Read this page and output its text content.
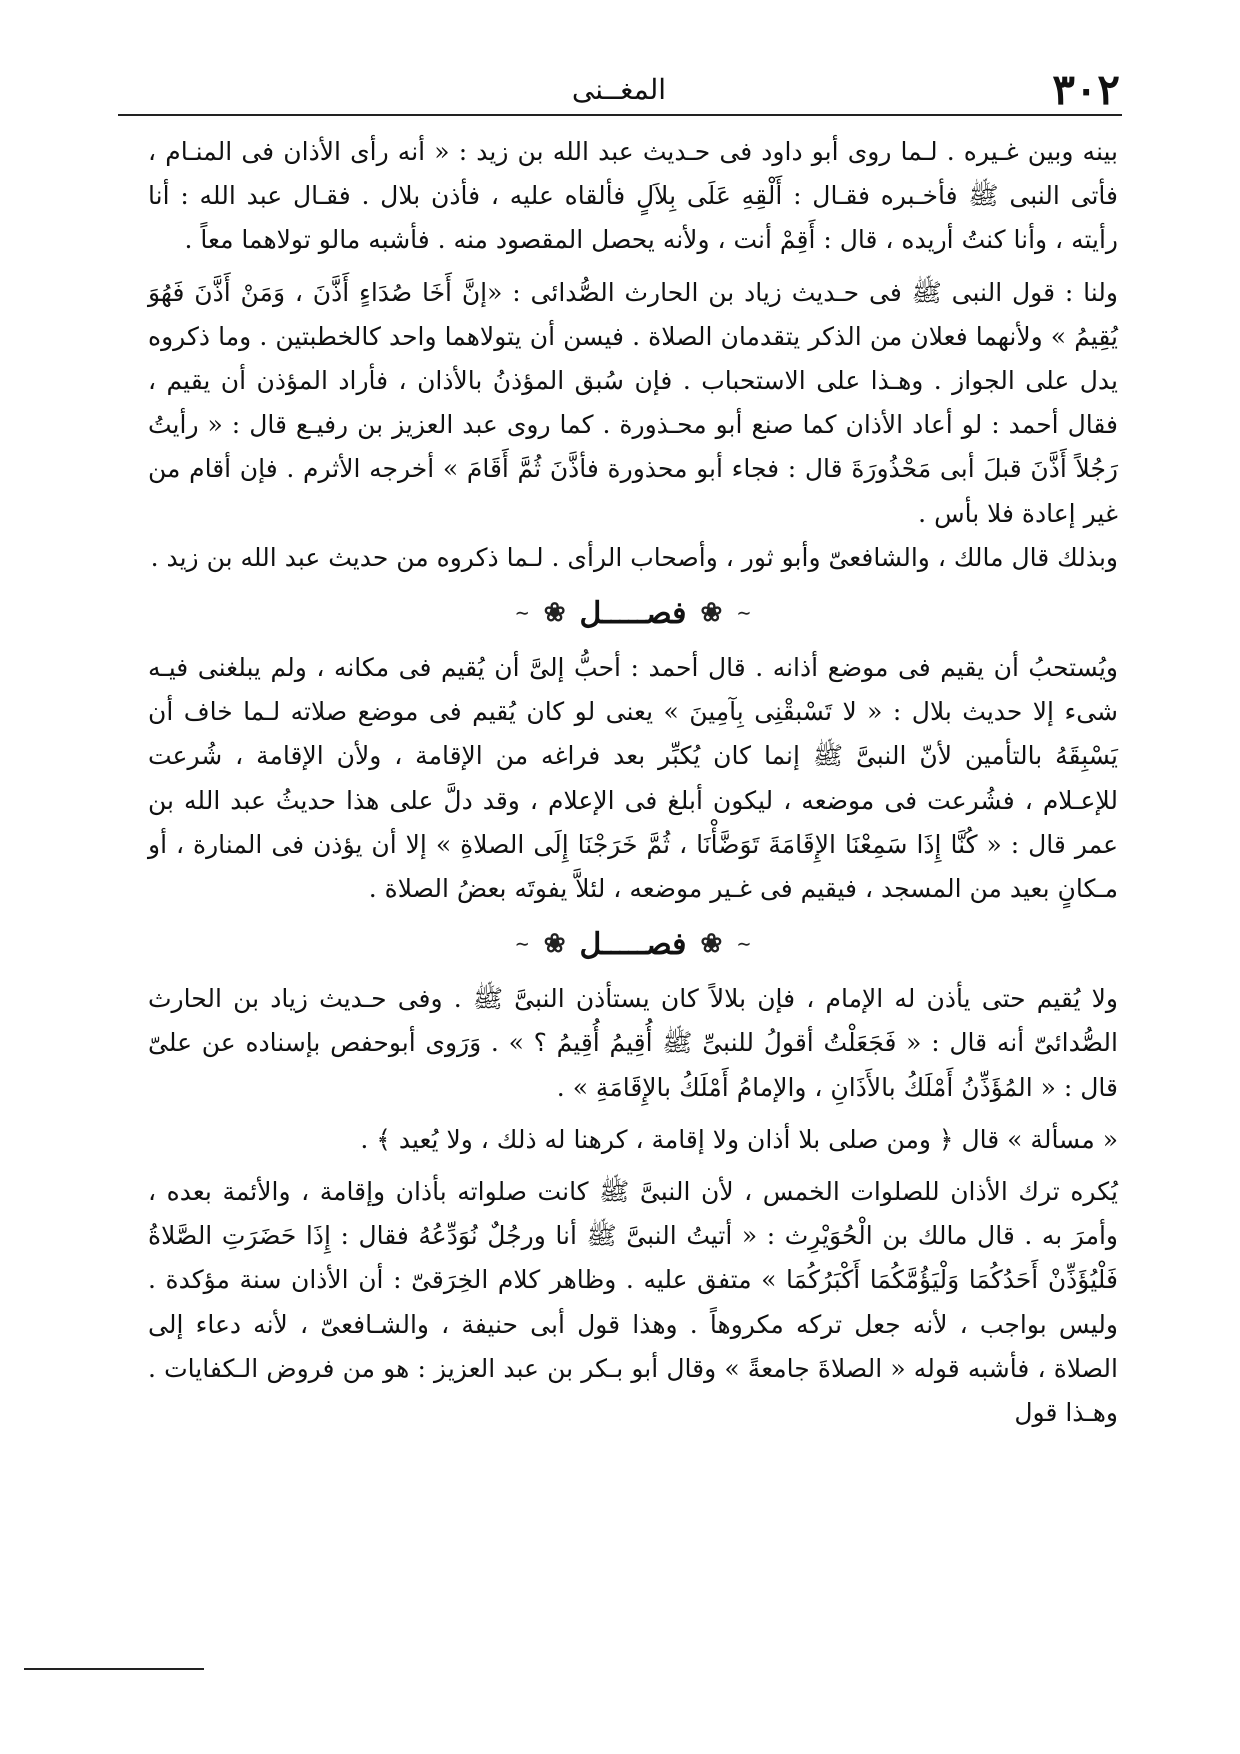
٣٠٢
المغــنى

بينه وبين غـيره . لـما روى أبو داود فى حـديث عبد الله بن زيد : « أنه رأى الأذان فى المنـام ، فأتى النبى ﷺ فأخـبره فقـال : أَلْقِهِ عَلَى بِلاَلٍ فألقاه عليه ، فأذن بلال . فقـال عبد الله : أنا رأيته ، وأنا كنتُ أريده ، قال : أَقِمْ أنت ، ولأنه يحصل المقصود منه . فأشبه مالو تولاهما معاً .

ولنا : قول النبى ﷺ فى حـديث زياد بن الحارث الصُّدائى : «إنَّ أَخَا صُدَاءٍ أَذَّنَ ، وَمَنْ أَذَّنَ فَهُوَ يُقِيمُ » ولأنهما فعلان من الذكر يتقدمان الصلاة . فيسن أن يتولاهما واحد كالخطبتين . وما ذكروه يدل على الجواز . وهـذا على الاستحباب . فإن سُبق المؤذنُ بالأذان ، فأراد المؤذن أن يقيم ، فقال أحمد : لو أعاد الأذان كما صنع أبو محـذورة . كما روى عبد العزيز بن رفيـع قال : « رأيتُ رَجُلاً أَذَّنَ قبلَ أبى مَحْذُورَةَ قال : فجاء أبو محذورة فأذَّنَ ثُمَّ أَقَامَ » أخرجه الأثرم . فإن أقام من غير إعادة فلا بأس .

وبذلك قال مالك ، والشافعىّ وأبو ثور ، وأصحاب الرأى . لـما ذكروه من حديث عبد الله بن زيد .

∽
❀
فصـــــل
❀
∽

ويُستحبُ أن يقيم فى موضع أذانه . قال أحمد : أحبُّ إلىَّ أن يُقيم فى مكانه ، ولم يبلغنى فيـه شىء إلا حديث بلال : « لا تَسْبقْنِى بِآمِينَ » يعنى لو كان يُقيم فى موضع صلاته لـما خاف أن يَسْبِقَهُ بالتأمين لأنّ النبىَّ ﷺ إنما كان يُكبِّر بعد فراغه من الإقامة ، ولأن الإقامة ، شُرعت للإعـلام ، فشُرعت فى موضعه ، ليكون أبلغ فى الإعلام ، وقد دلَّ على هذا حديثُ عبد الله بن عمر قال : « كُنَّا إِذَا سَمِعْنَا الإِقَامَةَ تَوَضَّأْنَا ، ثُمَّ خَرَجْنَا إِلَى الصلاةِ » إلا أن يؤذن فى المنارة ، أو مـكانٍ بعيد من المسجد ، فيقيم فى غـير موضعه ، لئلاَّ يفوتَه بعضُ الصلاة .

∽
❀
فصـــــل
❀
∽

ولا يُقيم حتى يأذن له الإمام ، فإن بلالاً كان يستأذن النبىَّ ﷺ . وفى حـديث زياد بن الحارث الصُّدائىّ أنه قال : « فَجَعَلْتُ أقولُ للنبىِّ ﷺ أُقِيمُ أُقِيمُ ؟ » . وَرَوى أبوحفص بإسناده عن علىّ قال : « المُؤَذِّنُ أَمْلَكُ بالأَذَانِ ، والإمامُ أَمْلَكُ بالإِقَامَةِ » .

« مسألة » قال ﴿ ومن صلى بلا أذان ولا إقامة ، كرهنا له ذلك ، ولا يُعيد ﴾ .

يُكره ترك الأذان للصلوات الخمس ، لأن النبىَّ ﷺ كانت صلواته بأذان وإقامة ، والأئمة بعده ، وأمرَ به . قال مالك بن الْحُوَيْرِث : « أتيتُ النبىَّ ﷺ أنا ورجُلٌ نُوَدِّعُهُ فقال : إِذَا حَضَرَتِ الصَّلاةُ فَلْيُؤَذِّنْ أَحَدُكُمَا وَلْيَؤُمَّكُمَا أَكْبَرُكُمَا » متفق عليه . وظاهر كلام الخِرَقىّ : أن الأذان سنة مؤكدة . وليس بواجب ، لأنه جعل تركه مكروهاً . وهذا قول أبى حنيفة ، والشـافعىّ ، لأنه دعاء إلى الصلاة ، فأشبه قوله « الصلاةَ جامعةً » وقال أبو بـكر بن عبد العزيز : هو من فروض الـكفايات . وهـذا قول
